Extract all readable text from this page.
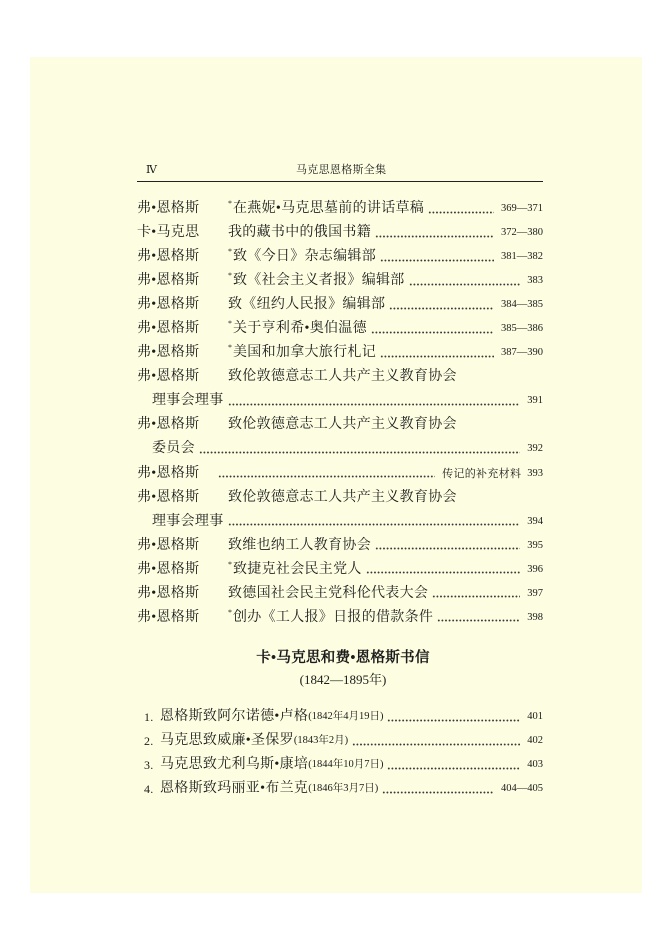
Ⅳ	马克思恩格斯全集
弗•恩格斯	* 在燕妮•马克思墓前的讲话草稿	369—371
卡•马克思	我的藏书中的俄国书籍	372—380
弗•恩格斯	* 致《今日》杂志编辑部	381—382
弗•恩格斯	* 致《社会主义者报》编辑部	383
弗•恩格斯	致《纽约人民报》编辑部	384—385
弗•恩格斯	* 关于亨利希•奥伯温德	385—386
弗•恩格斯	* 美国和加拿大旅行札记	387—390
弗•恩格斯	致伦敦德意志工人共产主义教育协会
理事会理事	391
弗•恩格斯	致伦敦德意志工人共产主义教育协会
委员会	392
弗•恩格斯	传记的补充材料 393
弗•恩格斯	致伦敦德意志工人共产主义教育协会
理事会理事	394
弗•恩格斯	致维也纳工人教育协会	395
弗•恩格斯	* 致捷克社会民主党人	396
弗•恩格斯	致德国社会民主党科伦代表大会	397
弗•恩格斯	* 创办《工人报》日报的借款条件	398
卡•马克思和费•恩格斯书信
(1842—1895年)
1. 恩格斯致阿尔诺德•卢格 (1842年4月19日)	401
2. 马克思致威廉•圣保罗 (1843年2月)	402
3. 马克思致尤利乌斯•康培 (1844年10月7日)	403
4. 恩格斯致玛丽亚•布兰克 (1846年3月7日)	404—405
